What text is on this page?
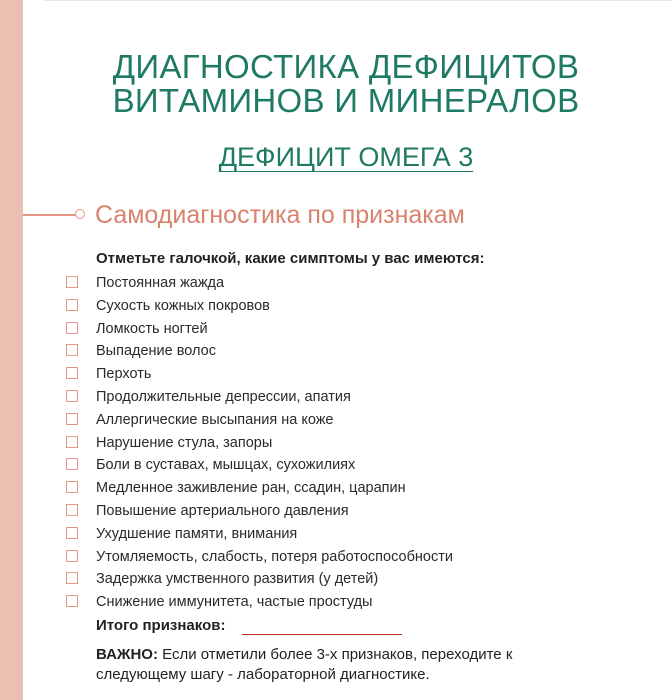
ДИАГНОСТИКА ДЕФИЦИТОВ
ВИТАМИНОВ И МИНЕРАЛОВ
ДЕФИЦИТ ОМЕГА 3
Самодиагностика по признакам
Отметьте галочкой, какие симптомы у вас имеются:
Постоянная жажда
Сухость кожных покровов
Ломкость ногтей
Выпадение волос
Перхоть
Продолжительные депрессии, апатия
Аллергические высыпания на коже
Нарушение стула, запоры
Боли в суставах, мышцах, сухожилиях
Медленное заживление ран, ссадин, царапин
Повышение артериального давления
Ухудшение памяти, внимания
Утомляемость, слабость, потеря работоспособности
Задержка умственного развития (у детей)
Снижение иммунитета, частые простуды
Итого признаков:

ВАЖНО: Если отметили более 3-х признаков, переходите к следующему шагу - лабораторной диагностике.
